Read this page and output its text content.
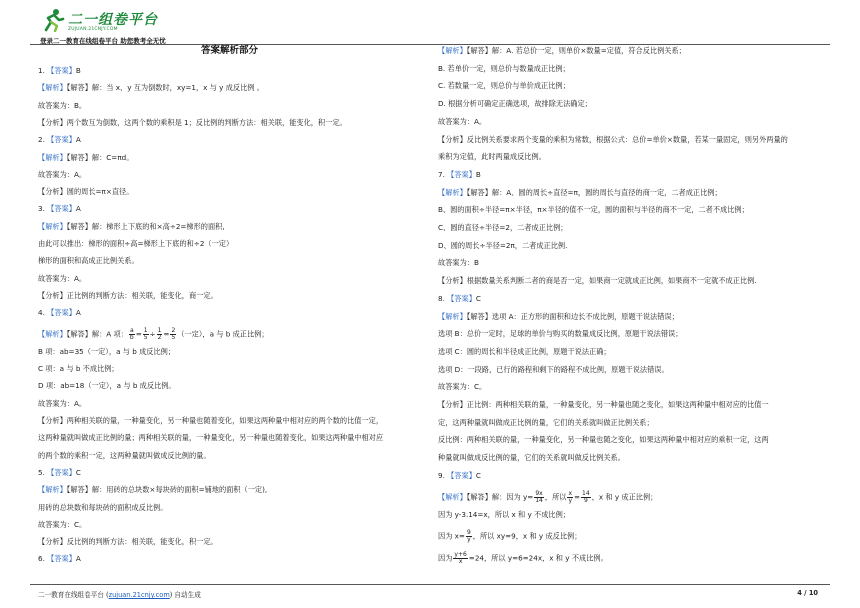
二一组卷平台
ZUJUAN.21CNJY.COM
登录二一教育在线组卷平台 助您教考全无忧
答案解析部分
1. 【答案】B
【解析】【解答】解：当 x、y 互为倒数时，xy=1，x 与 y 成反比例 。
故答案为：B。
【分析】两个数互为倒数，这两个数的乘积是 1；反比例的判断方法：相关联，能变化，积一定。
2. 【答案】A
【解析】【解答】解：C=πd。
故答案为：A。
【分析】圆的周长=π×直径。
3. 【答案】A
【解析】【解答】解：梯形上下底的和×高÷2=梯形的面积,
由此可以推出：梯形的面积÷高=梯形上下底的和÷2（一定）
梯形的面积和高成正比例关系。
故答案为：A。
【分析】正比例的判断方法：相关联，能变化，商一定。
4. 【答案】A
【解析】【解答】解：A 项： $\frac{a}{b} = \frac{1}{5} \div \frac{1}{2} = \frac{2}{5}$ （一定），a 与 b 成正比例；
B 项：ab=35（一定），a 与 b 成反比例；
C 项：a 与 b 不成比例；
D 项：ab=18（一定），a 与 b 成反比例。
故答案为：A。
【分析】两种相关联的量，一种量变化，另一种量也随着变化，如果这两种量中相对应的两个数的比值一定，
这两种量就叫做成正比例的量；两种相关联的量，一种量变化，另一种量也随着变化，如果这两种量中相对应
的两个数的乘积一定，这两种量就叫做成反比例的量。
5. 【答案】C
【解析】【解答】解：用砖的总块数×每块砖的面积=铺地的面积（一定),
用砖的总块数和每块砖的面积成反比例。
故答案为：C。
【分析】反比例的判断方法：相关联，能变化，积一定。
6. 【答案】A
【解析】【解答】解：A. 若总价一定，则单价×数量=定值，符合反比例关系；
B. 若单价一定，则总价与数量成正比例；
C. 若数量一定，则总价与单价成正比例；
D. 根据分析可确定正确选项，故排除无法确定；
故答案为：A。
【分析】反比例关系要求两个变量的乘积为常数，根据公式：总价=单价×数量，若某一量固定，则另外两量的
乘积为定值，此时两量成反比例。
7. 【答案】B
【解析】【解答】解：A、圆的周长÷直径=π，圆的周长与直径的商一定，二者成正比例；
B、圆的面积÷半径=π×半径，π×半径的值不一定，圆的面积与半径的商不一定，二者不成比例；
C、圆的直径÷半径=2，二者成正比例；
D、圆的周长÷半径=2π，二者成正比例.
故答案为：B
【分析】根据数量关系判断二者的商是否一定，如果商一定就成正比例，如果商不一定就不成正比例.
8. 【答案】C
【解析】【解答】选项 A：正方形的面积和边长不成比例，原题干说法错误；
选项 B：总价一定时，足球的单价与购买的数量成反比例，原题干说法错误；
选项 C：圆的周长和半径成正比例，原题干说法正确；
选项 D：一段路，已行的路程和剩下的路程不成比例，原题干说法错误。
故答案为：C。
【分析】正比例：两种相关联的量，一种量变化，另一种量也随之变化，如果这两种量中相对应的比值一
定，这两种量就叫做成正比例的量，它们的关系就叫做正比例关系；
反比例：两种相关联的量，一种量变化，另一种量也随之变化，如果这两种量中相对应的乘积一定，这两
种量就叫做成反比例的量，它们的关系就叫做反比例关系。
9. 【答案】C
【解析】【解答】解：因为 $y= \frac{9x}{14}$ ，所以 $\frac{x}{y} = \frac{14}{9}$ ，x 和 y 成正比例；
因为 y-3.14=x，所以 x 和 y 不成比例；
因为 $x= \frac{9}{y}$ ，所以 xy=9，x 和 y 成反比例；
因为 $\frac{y+6}{x} =24$，所以 y=6=24x，x 和 y 不成比例。
二一教育在线组卷平台 (zujuan.21cnjy.com) 自动生成	4 / 10
